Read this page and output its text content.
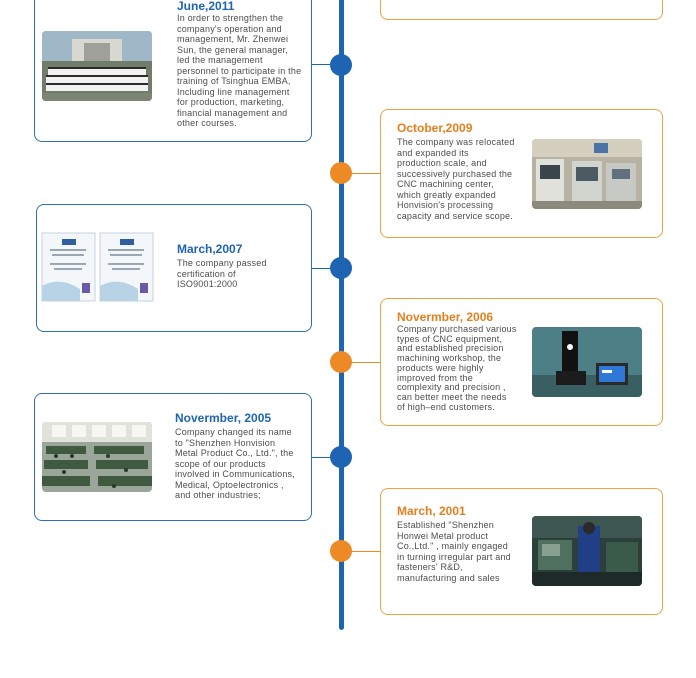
June,2011

In order to strengthen the company's operation and management, Mr. Zhenwei Sun, the general manager, led the management personnel to participate in the training of Tsinghua EMBA, Including line management for production, marketing, financial management and other courses.	October,2009

The company was relocated and expanded its production scale, and successively purchased the CNC machining center, which greatly expanded Honvision's processing capacity and service scope.

March,2007

The company passed certification of ISO9001:2000

Novermber, 2006

Company purchased various types of CNC equipment, and established precision machining workshop, the products were highly improved from the complexity and precision , can better meet the needs of high–end customers.

Novermber, 2005

Company changed its name to "Shenzhen Honvision Metal Product Co., Ltd.", the scope of our products involved in Communications, Medical, Optoelectronics , and other industries;

March, 2001

Established "Shenzhen Honwei Metal product Co.,Ltd." , mainly engaged in turning irregular part and fasteners' R&D, manufacturing and sales
